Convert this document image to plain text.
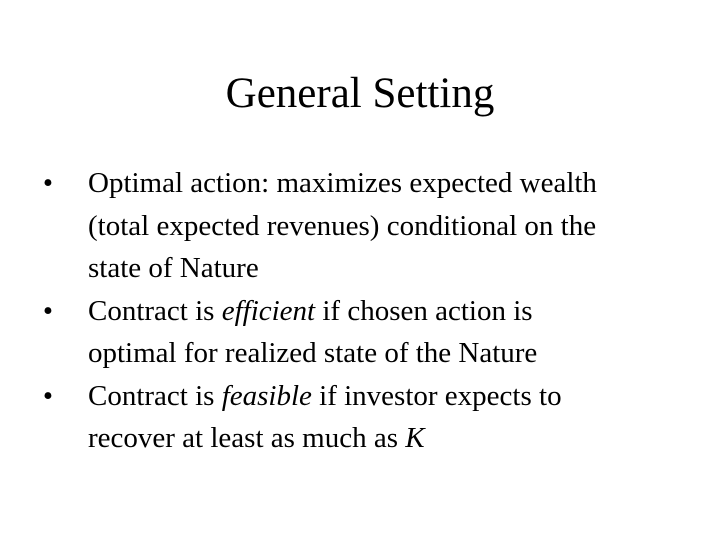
General Setting
• Optimal action: maximizes expected wealth
(total expected revenues) conditional on the
state of Nature
• Contract is efficient if chosen action is
optimal for realized state of the Nature
• Contract is feasible if investor expects to
recover at least as much as K
